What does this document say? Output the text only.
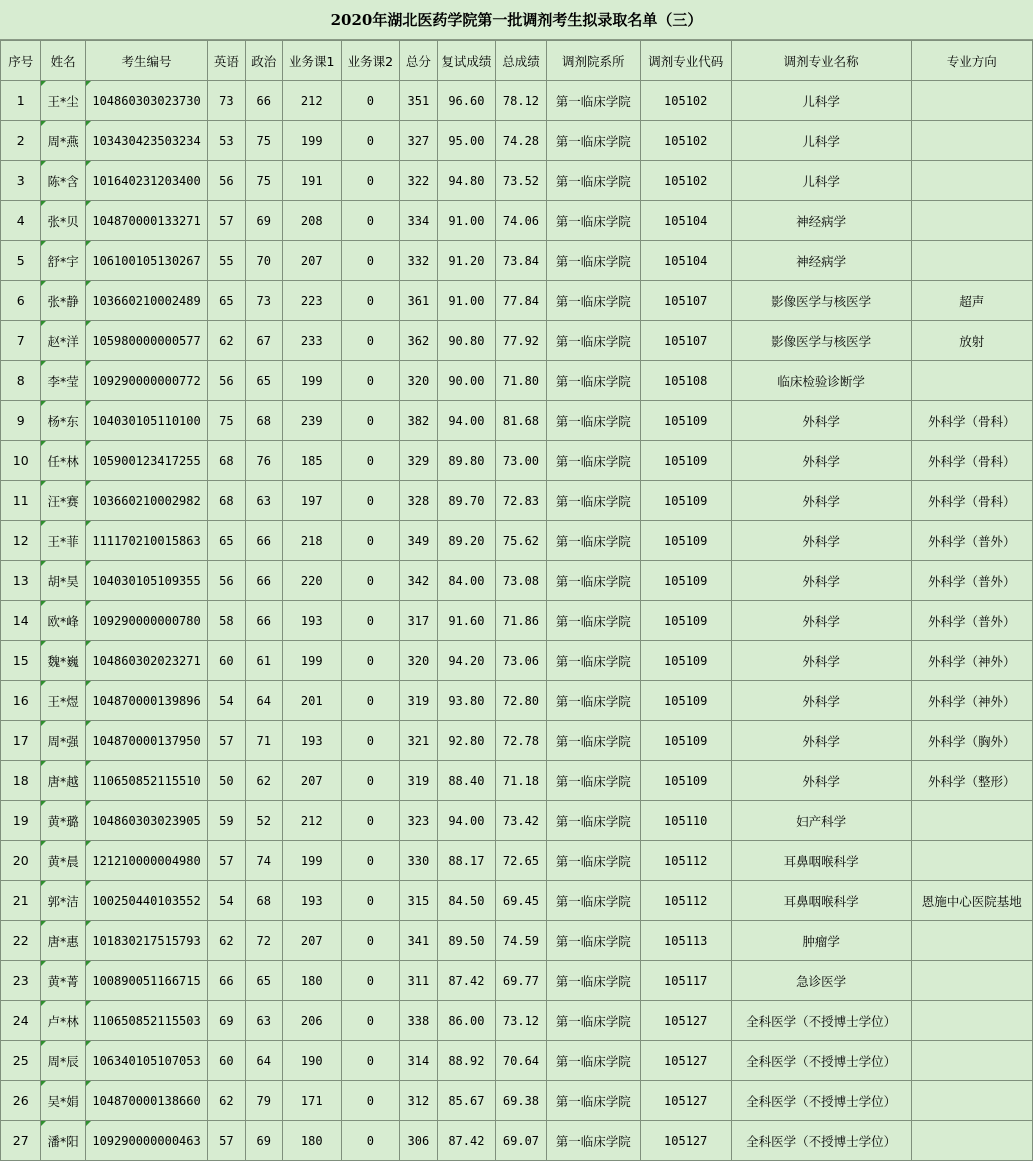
2020年湖北医药学院第一批调剂考生拟录取名单（三）
序号	姓名	考生编号	英语	政治	业务课1	业务课2	总分	复试成绩	总成绩	调剂院系所	调剂专业代码	调剂专业名称	专业方向
1	王*尘	104860303023730	73	66	212	0	351	96.60	78.12	第一临床学院	105102	儿科学	
2	周*燕	103430423503234	53	75	199	0	327	95.00	74.28	第一临床学院	105102	儿科学	
3	陈*含	101640231203400	56	75	191	0	322	94.80	73.52	第一临床学院	105102	儿科学	
4	张*贝	104870000133271	57	69	208	0	334	91.00	74.06	第一临床学院	105104	神经病学	
5	舒*宇	106100105130267	55	70	207	0	332	91.20	73.84	第一临床学院	105104	神经病学	
6	张*静	103660210002489	65	73	223	0	361	91.00	77.84	第一临床学院	105107	影像医学与核医学	超声
7	赵*洋	105980000000577	62	67	233	0	362	90.80	77.92	第一临床学院	105107	影像医学与核医学	放射
8	李*莹	109290000000772	56	65	199	0	320	90.00	71.80	第一临床学院	105108	临床检验诊断学	
9	杨*东	104030105110100	75	68	239	0	382	94.00	81.68	第一临床学院	105109	外科学	外科学（骨科）
10	任*林	105900123417255	68	76	185	0	329	89.80	73.00	第一临床学院	105109	外科学	外科学（骨科）
11	汪*赛	103660210002982	68	63	197	0	328	89.70	72.83	第一临床学院	105109	外科学	外科学（骨科）
12	王*菲	111170210015863	65	66	218	0	349	89.20	75.62	第一临床学院	105109	外科学	外科学（普外）
13	胡*昊	104030105109355	56	66	220	0	342	84.00	73.08	第一临床学院	105109	外科学	外科学（普外）
14	欧*峰	109290000000780	58	66	193	0	317	91.60	71.86	第一临床学院	105109	外科学	外科学（普外）
15	魏*巍	104860302023271	60	61	199	0	320	94.20	73.06	第一临床学院	105109	外科学	外科学（神外）
16	王*煜	104870000139896	54	64	201	0	319	93.80	72.80	第一临床学院	105109	外科学	外科学（神外）
17	周*强	104870000137950	57	71	193	0	321	92.80	72.78	第一临床学院	105109	外科学	外科学（胸外）
18	唐*越	110650852115510	50	62	207	0	319	88.40	71.18	第一临床学院	105109	外科学	外科学（整形）
19	黄*璐	104860303023905	59	52	212	0	323	94.00	73.42	第一临床学院	105110	妇产科学	
20	黄*晨	121210000004980	57	74	199	0	330	88.17	72.65	第一临床学院	105112	耳鼻咽喉科学	
21	郭*洁	100250440103552	54	68	193	0	315	84.50	69.45	第一临床学院	105112	耳鼻咽喉科学	恩施中心医院基地
22	唐*惠	101830217515793	62	72	207	0	341	89.50	74.59	第一临床学院	105113	肿瘤学	
23	黄*菁	100890051166715	66	65	180	0	311	87.42	69.77	第一临床学院	105117	急诊医学	
24	卢*林	110650852115503	69	63	206	0	338	86.00	73.12	第一临床学院	105127	全科医学（不授博士学位）	
25	周*辰	106340105107053	60	64	190	0	314	88.92	70.64	第一临床学院	105127	全科医学（不授博士学位）	
26	吴*娟	104870000138660	62	79	171	0	312	85.67	69.38	第一临床学院	105127	全科医学（不授博士学位）	
27	潘*阳	109290000000463	57	69	180	0	306	87.42	69.07	第一临床学院	105127	全科医学（不授博士学位）	
